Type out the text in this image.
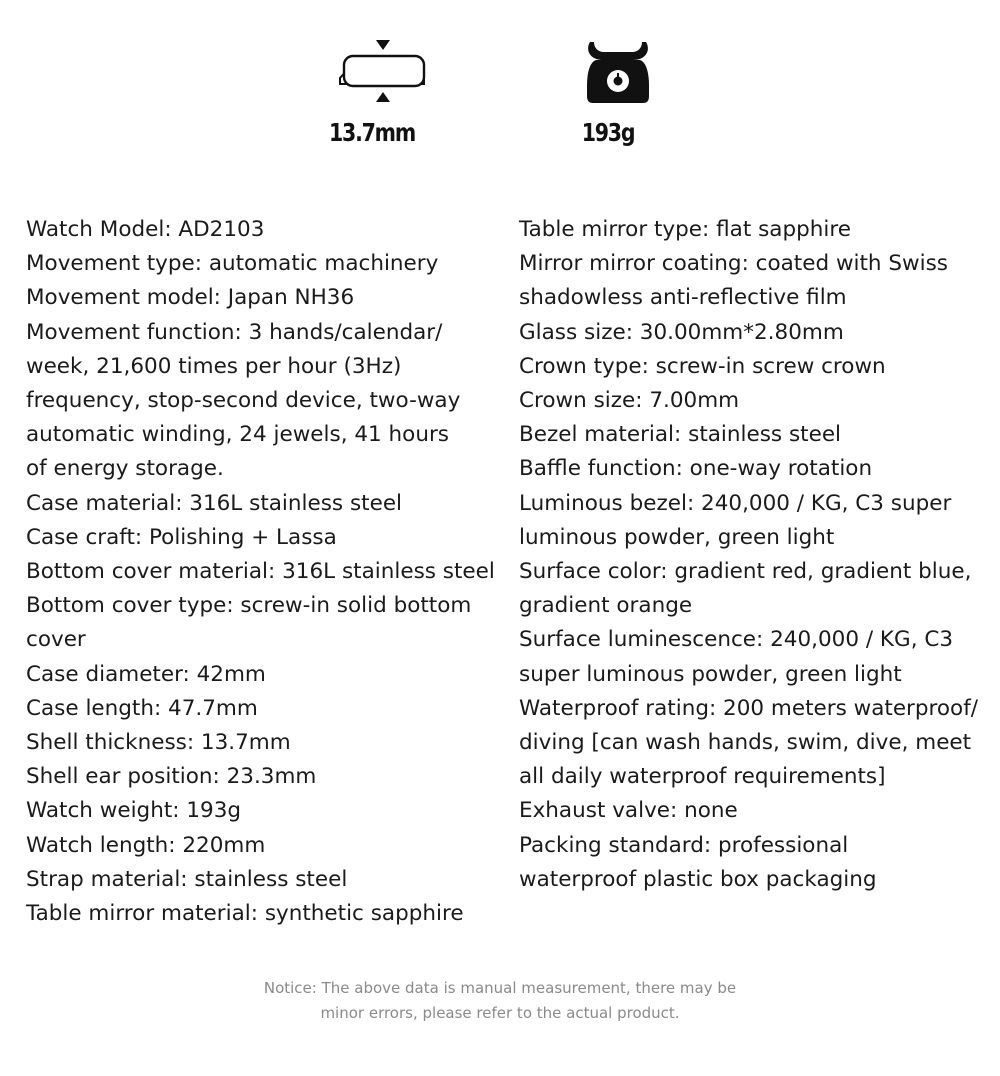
13.7mm	193g
Watch Model: AD2103
Movement type: automatic machinery
Movement model: Japan NH36
Movement function: 3 hands/calendar/
week, 21,600 times per hour (3Hz)
frequency, stop-second device, two-way
automatic winding, 24 jewels, 41 hours
of energy storage.
Case material: 316L stainless steel
Case craft: Polishing + Lassa
Bottom cover material: 316L stainless steel
Bottom cover type: screw-in solid bottom
cover
Case diameter: 42mm
Case length: 47.7mm
Shell thickness: 13.7mm
Shell ear position: 23.3mm
Watch weight: 193g
Watch length: 220mm
Strap material: stainless steel
Table mirror material: synthetic sapphire
Table mirror type: flat sapphire
Mirror mirror coating: coated with Swiss
shadowless anti-reflective film
Glass size: 30.00mm*2.80mm
Crown type: screw-in screw crown
Crown size: 7.00mm
Bezel material: stainless steel
Baffle function: one-way rotation
Luminous bezel: 240,000 / KG, C3 super
luminous powder, green light
Surface color: gradient red, gradient blue,
gradient orange
Surface luminescence: 240,000 / KG, C3
super luminous powder, green light
Waterproof rating: 200 meters waterproof/
diving [can wash hands, swim, dive, meet
all daily waterproof requirements]
Exhaust valve: none
Packing standard: professional
waterproof plastic box packaging
Notice: The above data is manual measurement, there may be
minor errors, please refer to the actual product.
